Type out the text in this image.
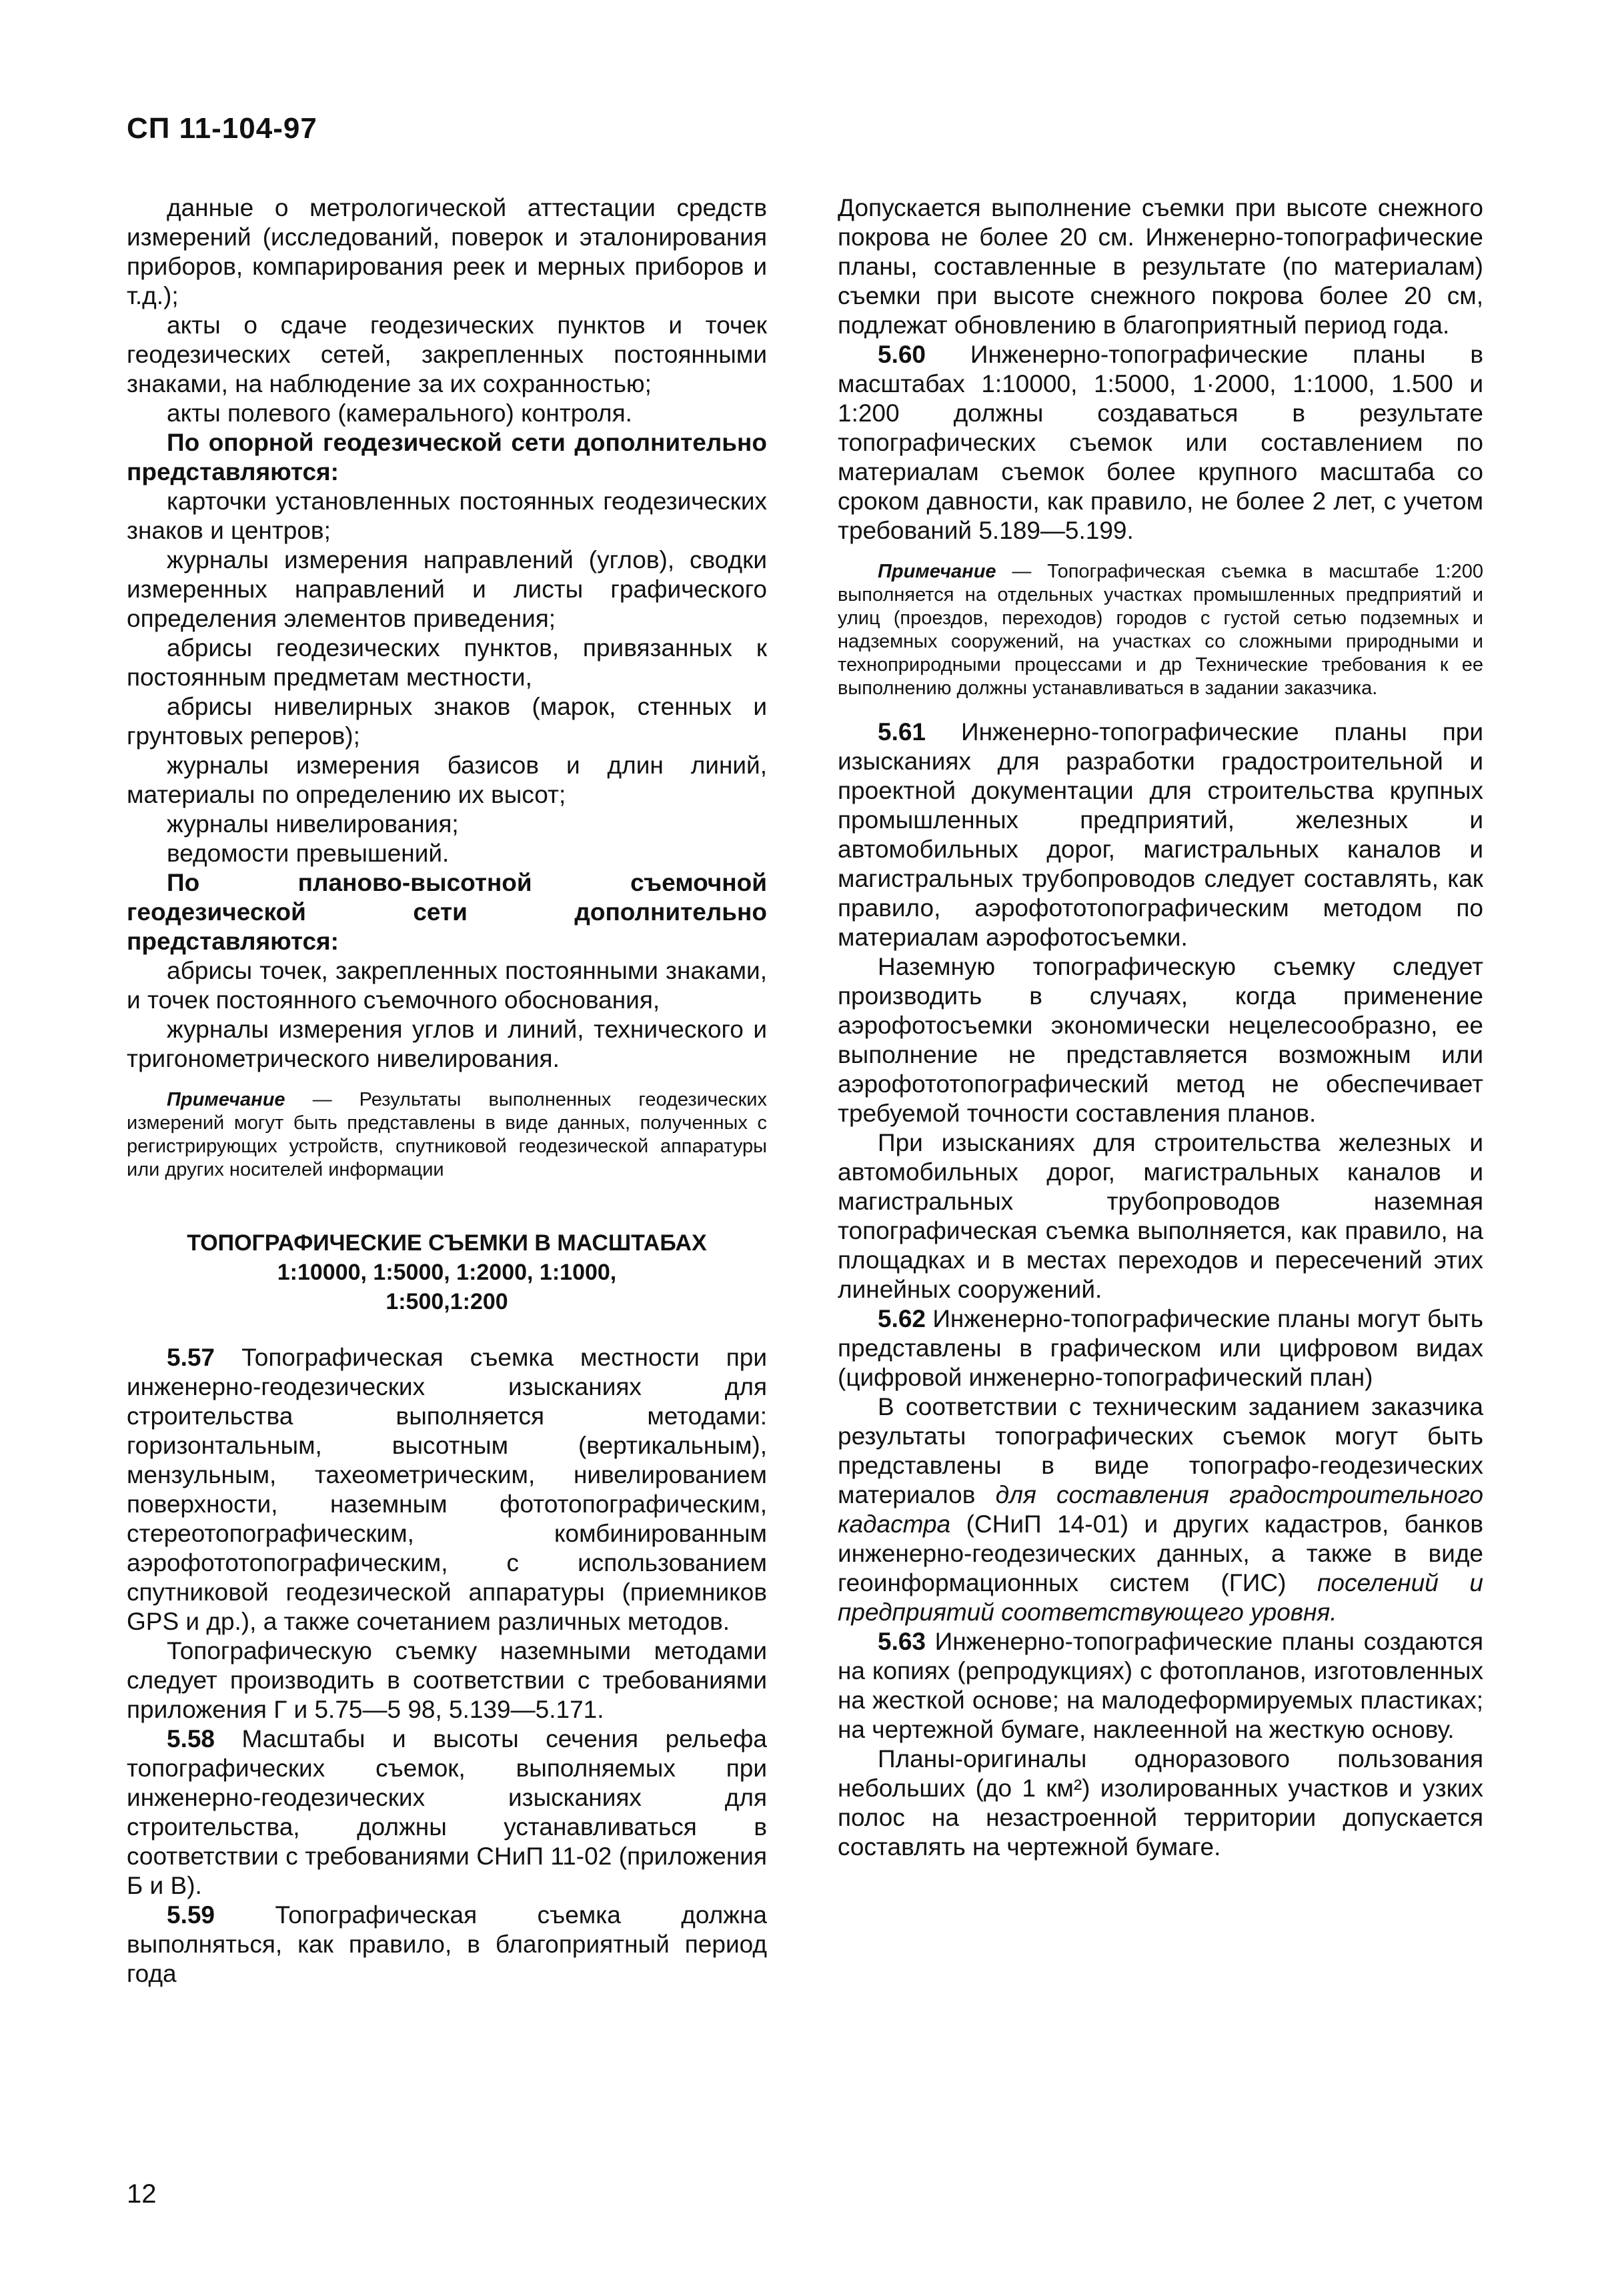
СП 11-104-97

данные о метрологической аттестации средств измерений (исследований, поверок и эталонирования приборов, компарирования реек и мерных приборов и т.д.);

акты о сдаче геодезических пунктов и точек геодезических сетей, закрепленных постоянными знаками, на наблюдение за их сохранностью;

акты полевого (камерального) контроля.

По опорной геодезической сети дополнительно представляются:

карточки установленных постоянных геодезических знаков и центров;

журналы измерения направлений (углов), сводки измеренных направлений и листы графического определения элементов приведения;

абрисы геодезических пунктов, привязанных к постоянным предметам местности,

абрисы нивелирных знаков (марок, стенных и грунтовых реперов);

журналы измерения базисов и длин линий, материалы по определению их высот;

журналы нивелирования;

ведомости превышений.

По планово-высотной съемочной геодезической сети дополнительно представляются:

абрисы точек, закрепленных постоянными знаками, и точек постоянного съемочного обоснования,

журналы измерения углов и линий, технического и тригонометрического нивелирования.

Примечание — Результаты выполненных геодезических измерений могут быть представлены в виде данных, полученных с регистрирующих устройств, спутниковой геодезической аппаратуры или других носителей информации

ТОПОГРАФИЧЕСКИЕ СЪЕМКИ В МАСШТАБАХ
1:10000, 1:5000, 1:2000, 1:1000,
1:500,1:200

5.57 Топографическая съемка местности при инженерно-геодезических изысканиях для строительства выполняется методами: горизонтальным, высотным (вертикальным), мензульным, тахеометрическим, нивелированием поверхности, наземным фототопографическим, стереотопографическим, комбинированным аэрофототопографическим, с использованием спутниковой геодезической аппаратуры (приемников GPS и др.), а также сочетанием различных методов.

Топографическую съемку наземными методами следует производить в соответствии с требованиями приложения Г и 5.75—5 98, 5.139—5.171.

5.58 Масштабы и высоты сечения рельефа топографических съемок, выполняемых при инженерно-геодезических изысканиях для строительства, должны устанавливаться в соответствии с требованиями СНиП 11-02 (приложения Б и В).

5.59 Топографическая съемка должна выполняться, как правило, в благоприятный период года

Допускается выполнение съемки при высоте снежного покрова не более 20 см. Инженерно-топографические планы, составленные в результате (по материалам) съемки при высоте снежного покрова более 20 см, подлежат обновлению в благоприятный период года.

5.60 Инженерно-топографические планы в масштабах 1:10000, 1:5000, 1·2000, 1:1000, 1.500 и 1:200 должны создаваться в результате топографических съемок или составлением по материалам съемок более крупного масштаба со сроком давности, как правило, не более 2 лет, с учетом требований 5.189—5.199.

Примечание — Топографическая съемка в масштабе 1:200 выполняется на отдельных участках промышленных предприятий и улиц (проездов, переходов) городов с густой сетью подземных и надземных сооружений, на участках со сложными природными и техноприродными процессами и др Технические требования к ее выполнению должны устанавливаться в задании заказчика.

5.61 Инженерно-топографические планы при изысканиях для разработки градостроительной и проектной документации для строительства крупных промышленных предприятий, железных и автомобильных дорог, магистральных каналов и магистральных трубопроводов следует составлять, как правило, аэрофототопографическим методом по материалам аэрофотосъемки.

Наземную топографическую съемку следует производить в случаях, когда применение аэрофотосъемки экономически нецелесообразно, ее выполнение не представляется возможным или аэрофототопографический метод не обеспечивает требуемой точности составления планов.

При изысканиях для строительства железных и автомобильных дорог, магистральных каналов и магистральных трубопроводов наземная топографическая съемка выполняется, как правило, на площадках и в местах переходов и пересечений этих линейных сооружений.

5.62 Инженерно-топографические планы могут быть представлены в графическом или цифровом видах (цифровой инженерно-топографический план)

В соответствии с техническим заданием заказчика результаты топографических съемок могут быть представлены в виде топографо-геодезических материалов для составления градостроительного кадастра (СНиП 14-01) и других кадастров, банков инженерно-геодезических данных, а также в виде геоинформационных систем (ГИС) поселений и предприятий соответствующего уровня.

5.63 Инженерно-топографические планы создаются на копиях (репродукциях) с фотопланов, изготовленных на жесткой основе; на малодеформируемых пластиках; на чертежной бумаге, наклеенной на жесткую основу.

Планы-оригиналы одноразового пользования небольших (до 1 км²) изолированных участков и узких полос на незастроенной территории допускается составлять на чертежной бумаге.

12
